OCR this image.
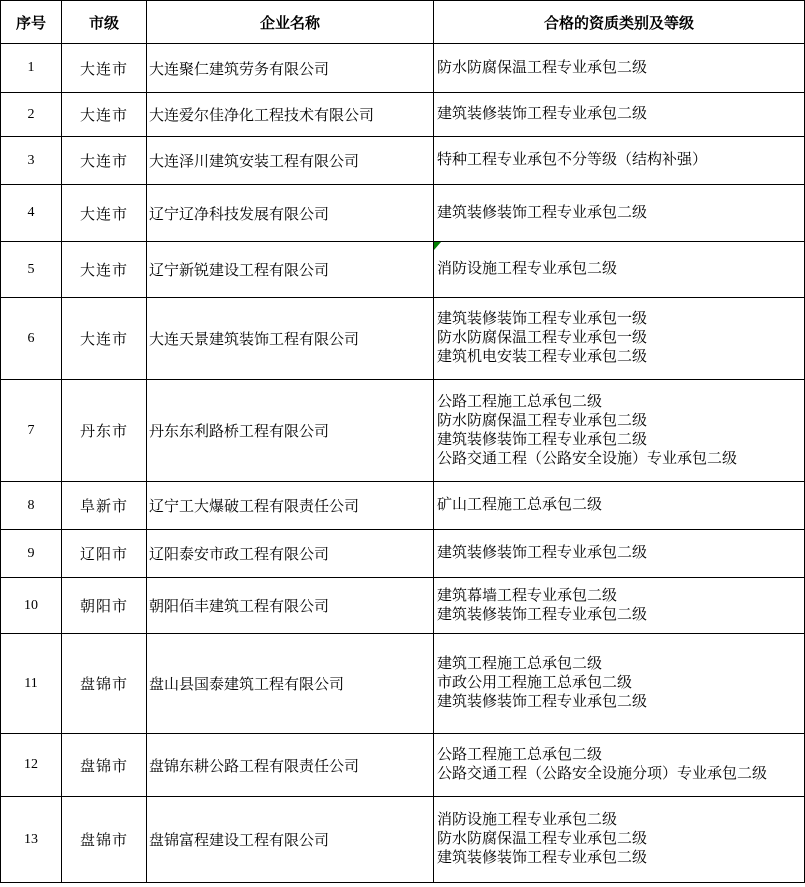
序号	市级	企业名称	合格的资质类别及等级
1	大连市	大连聚仁建筑劳务有限公司	防水防腐保温工程专业承包二级

2	大连市	大连爱尔佳净化工程技术有限公司	建筑装修装饰工程专业承包二级

3	大连市	大连泽川建筑安装工程有限公司	特种工程专业承包不分等级（结构补强）

4	大连市	辽宁辽净科技发展有限公司	建筑装修装饰工程专业承包二级

5	大连市	辽宁新锐建设工程有限公司	消防设施工程专业承包二级

6	大连市	大连天景建筑装饰工程有限公司	建筑装修装饰工程专业承包一级
防水防腐保温工程专业承包一级
建筑机电安装工程专业承包二级

7	丹东市	丹东东利路桥工程有限公司	公路工程施工总承包二级
防水防腐保温工程专业承包二级
建筑装修装饰工程专业承包二级
公路交通工程（公路安全设施）专业承包二级

8	阜新市	辽宁工大爆破工程有限责任公司	矿山工程施工总承包二级

9	辽阳市	辽阳泰安市政工程有限公司	建筑装修装饰工程专业承包二级

10	朝阳市	朝阳佰丰建筑工程有限公司	建筑幕墙工程专业承包二级
建筑装修装饰工程专业承包二级

11	盘锦市	盘山县国泰建筑工程有限公司	建筑工程施工总承包二级
市政公用工程施工总承包二级
建筑装修装饰工程专业承包二级

12	盘锦市	盘锦东耕公路工程有限责任公司	公路工程施工总承包二级
公路交通工程（公路安全设施分项）专业承包二级

13	盘锦市	盘锦富程建设工程有限公司	消防设施工程专业承包二级
防水防腐保温工程专业承包二级
建筑装修装饰工程专业承包二级
